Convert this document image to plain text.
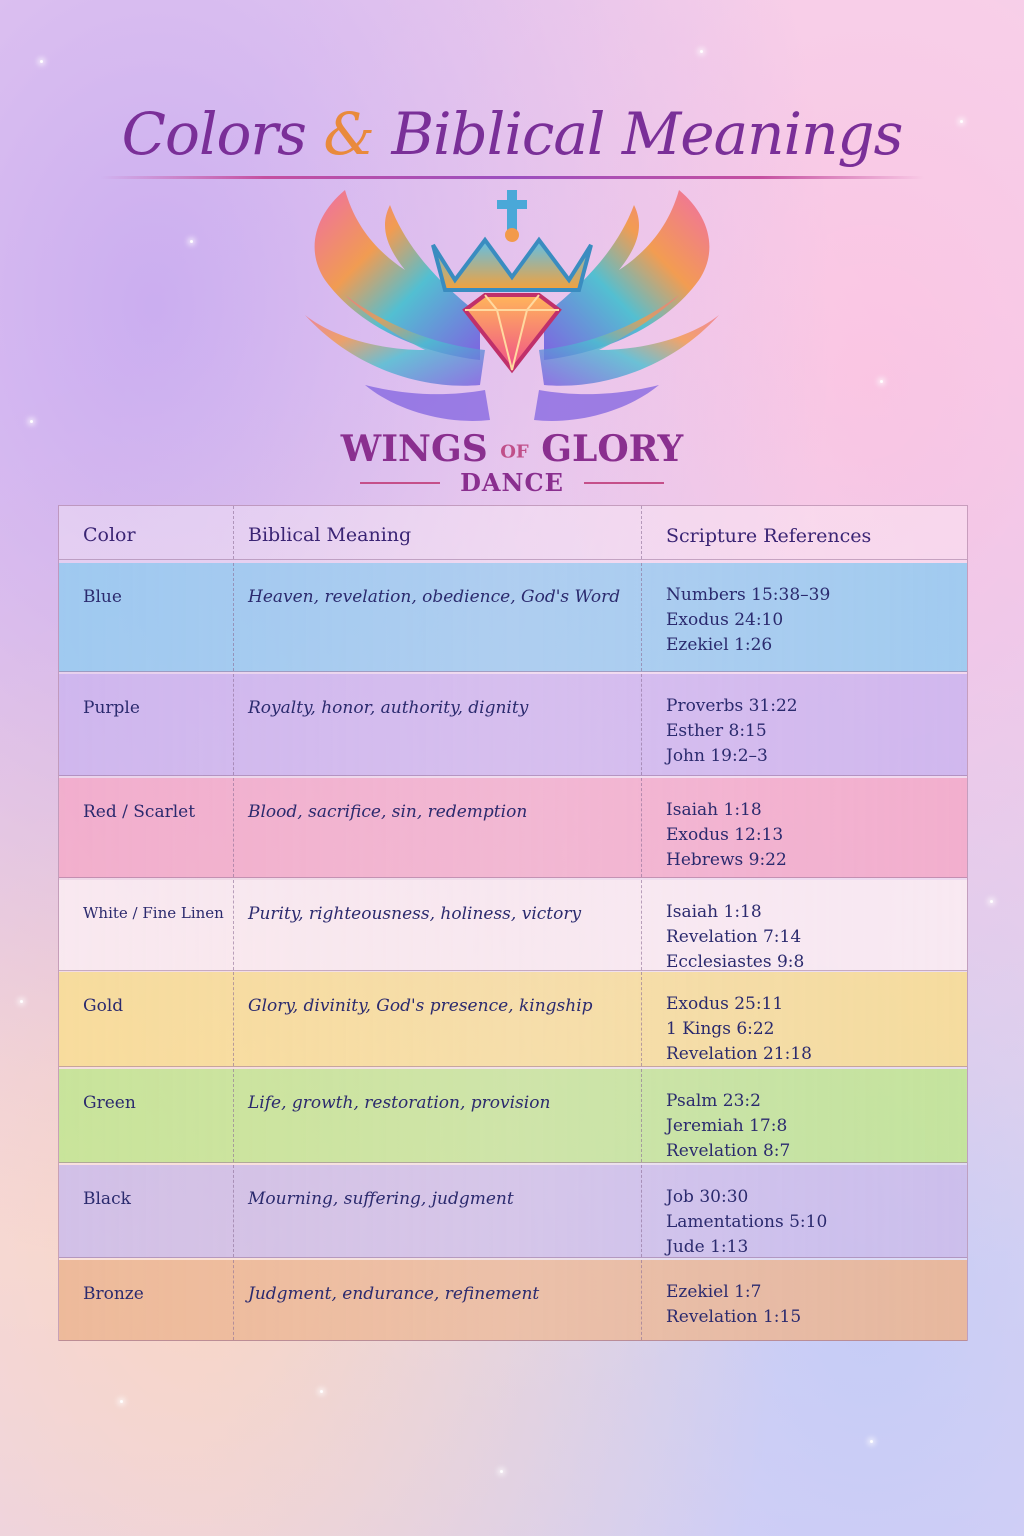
Colors & Biblical Meanings
WINGS OF GLORY
DANCE
Color	Biblical Meaning	Scripture References
Blue	Heaven, revelation, obedience, God's Word	Numbers 15:38–39
Exodus 24:10
Ezekiel 1:26
Purple	Royalty, honor, authority, dignity	Proverbs 31:22
Esther 8:15
John 19:2–3
Red / Scarlet	Blood, sacrifice, sin, redemption	Isaiah 1:18
Exodus 12:13
Hebrews 9:22
White / Fine Linen	Purity, righteousness, holiness, victory	Isaiah 1:18
Revelation 7:14
Ecclesiastes 9:8
Gold	Glory, divinity, God's presence, kingship	Exodus 25:11
1 Kings 6:22
Revelation 21:18
Green	Life, growth, restoration, provision	Psalm 23:2
Jeremiah 17:8
Revelation 8:7
Black	Mourning, suffering, judgment	Job 30:30
Lamentations 5:10
Jude 1:13
Bronze	Judgment, endurance, refinement	Ezekiel 1:7
Revelation 1:15
